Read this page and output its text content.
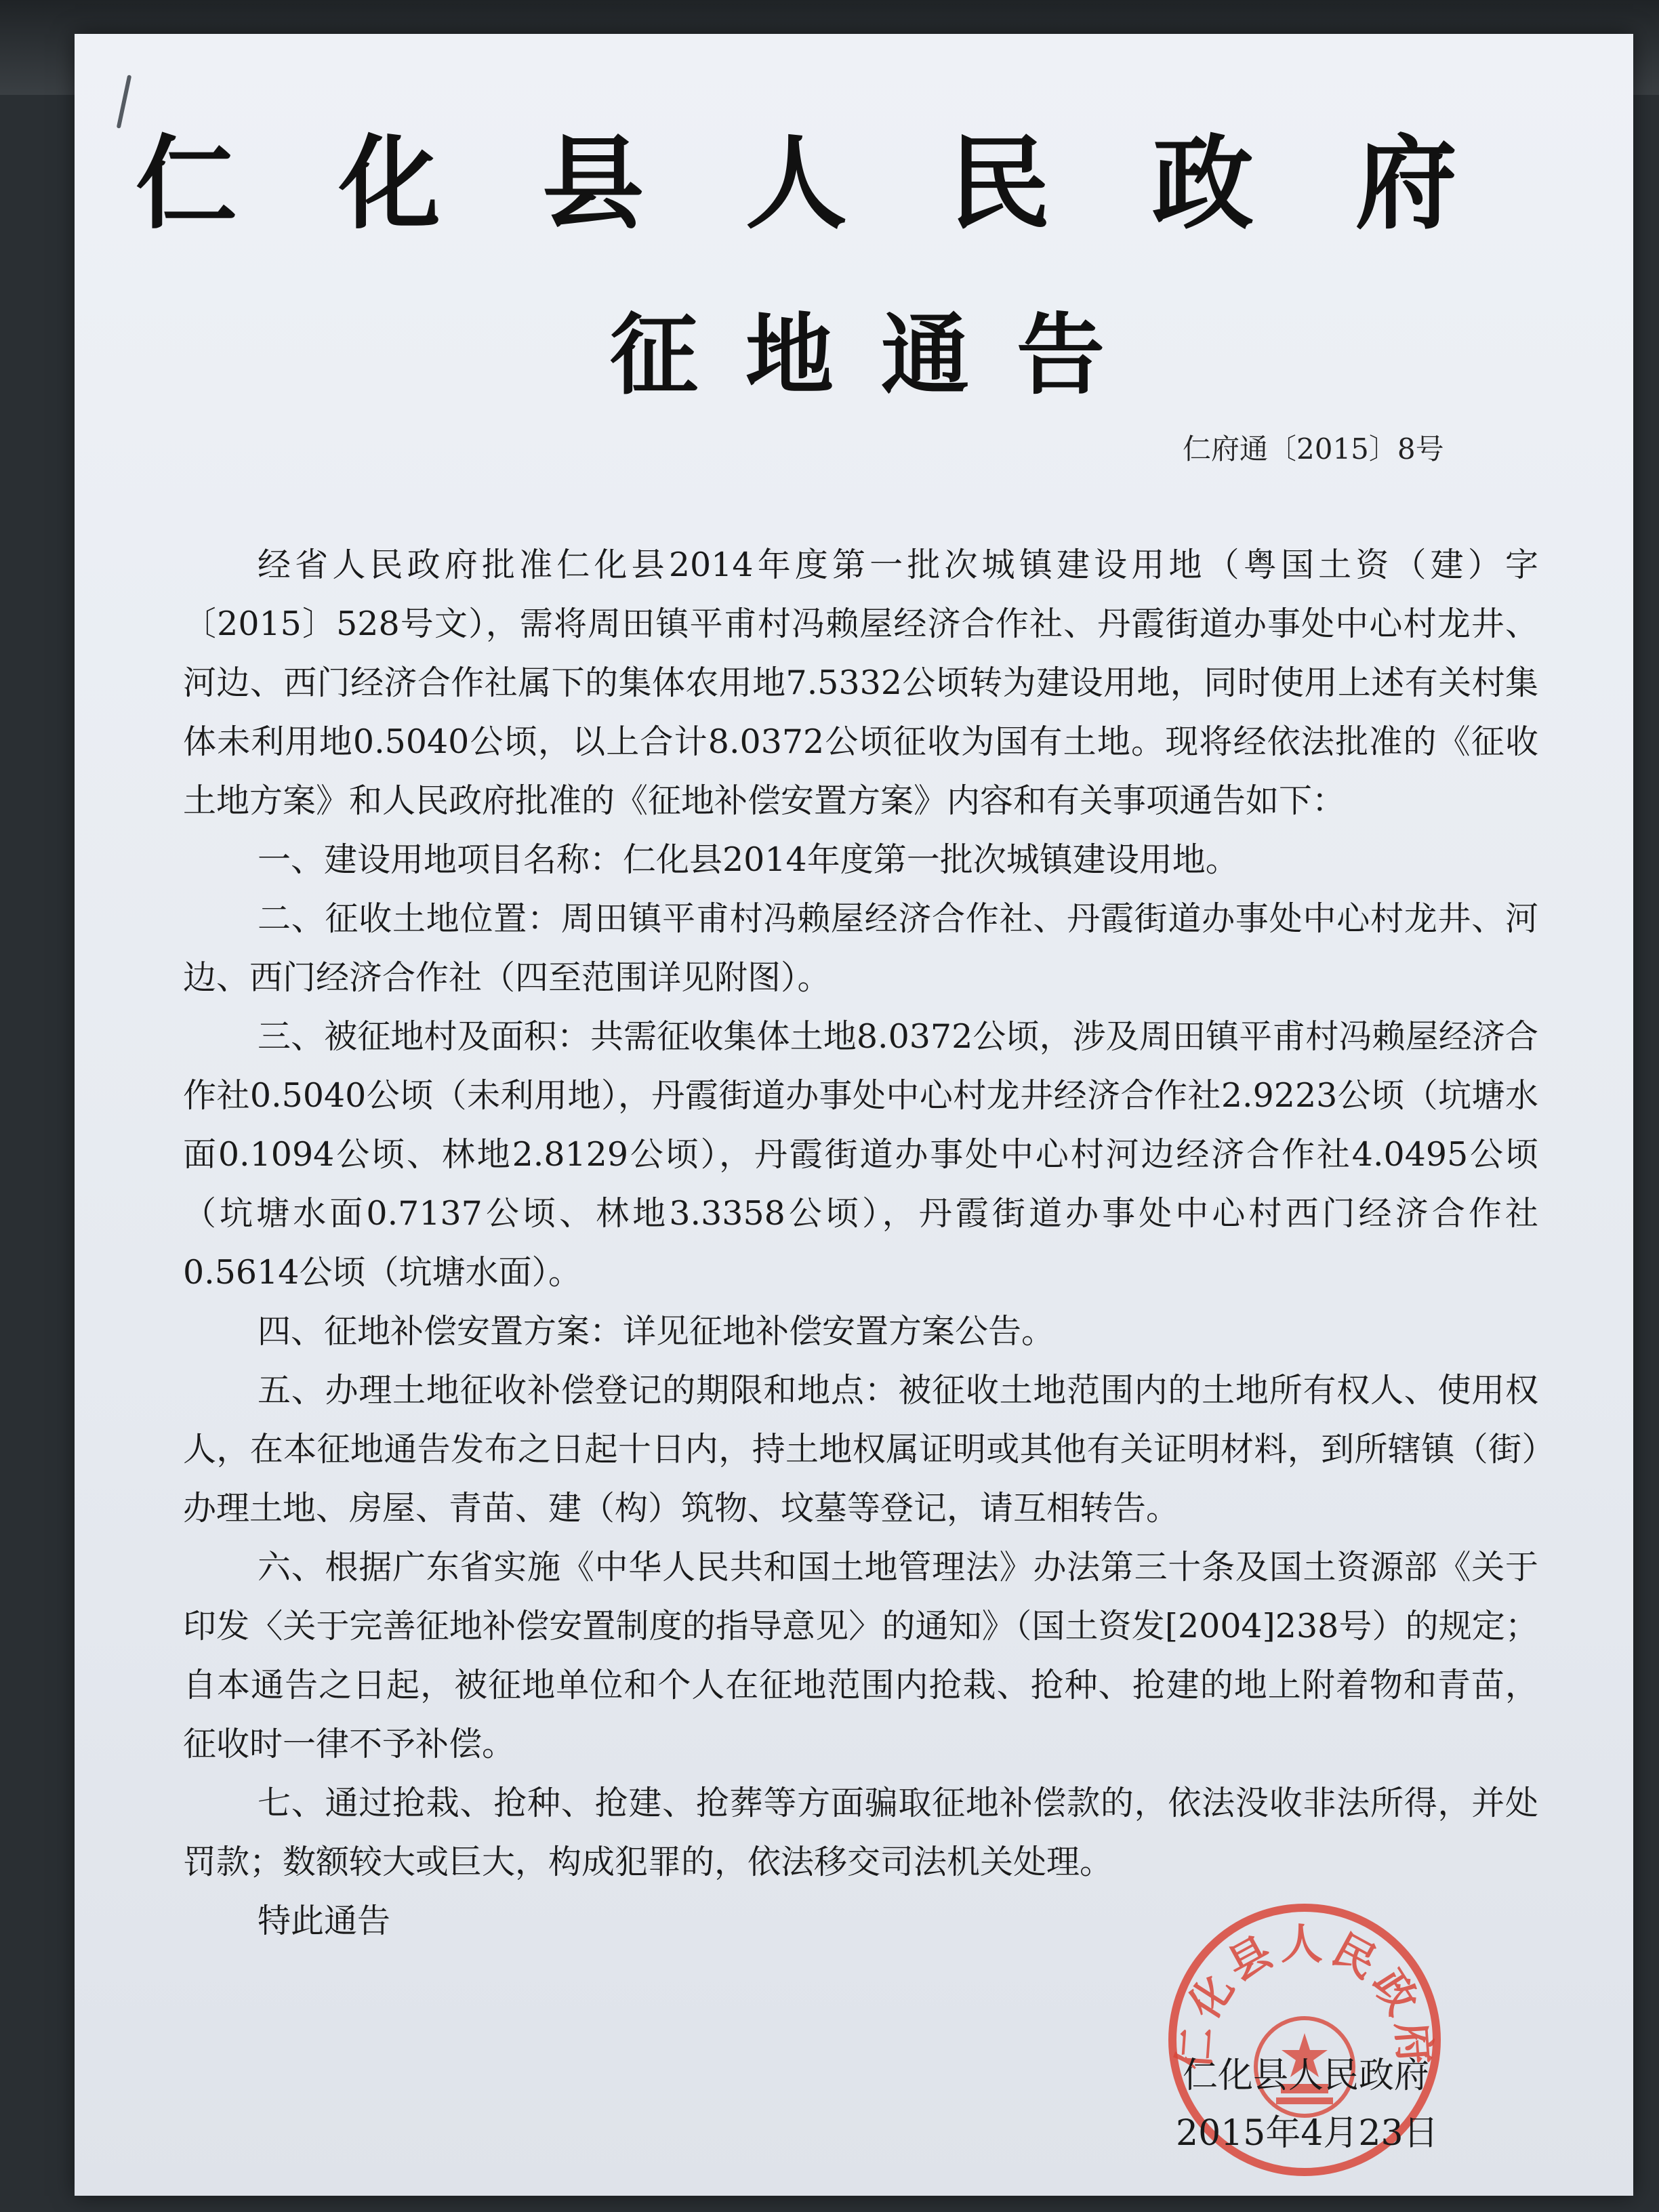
仁 化 县 人 民 政 府
征地通告
仁府通〔2015〕8号

经省人民政府批准仁化县2014年度第一批次城镇建设用地（粤国土资（建）字〔2015〕528号文），需将周田镇平甫村冯赖屋经济合作社、丹霞街道办事处中心村龙井、河边、西门经济合作社属下的集体农用地7.5332公顷转为建设用地，同时使用上述有关村集体未利用地0.5040公顷，以上合计8.0372公顷征收为国有土地。现将经依法批准的《征收土地方案》和人民政府批准的《征地补偿安置方案》内容和有关事项通告如下：

一、建设用地项目名称：仁化县2014年度第一批次城镇建设用地。

二、征收土地位置：周田镇平甫村冯赖屋经济合作社、丹霞街道办事处中心村龙井、河边、西门经济合作社（四至范围详见附图）。

三、被征地村及面积：共需征收集体土地8.0372公顷，涉及周田镇平甫村冯赖屋经济合作社0.5040公顷（未利用地），丹霞街道办事处中心村龙井经济合作社2.9223公顷（坑塘水面0.1094公顷、林地2.8129公顷），丹霞街道办事处中心村河边经济合作社4.0495公顷（坑塘水面0.7137公顷、林地3.3358公顷），丹霞街道办事处中心村西门经济合作社0.5614公顷（坑塘水面）。

四、征地补偿安置方案：详见征地补偿安置方案公告。

五、办理土地征收补偿登记的期限和地点：被征收土地范围内的土地所有权人、使用权人，在本征地通告发布之日起十日内，持土地权属证明或其他有关证明材料，到所辖镇（街）办理土地、房屋、青苗、建（构）筑物、坟墓等登记，请互相转告。

六、根据广东省实施《中华人民共和国土地管理法》办法第三十条及国土资源部《关于印发〈关于完善征地补偿安置制度的指导意见〉的通知》（国土资发[2004]238号）的规定；自本通告之日起，被征地单位和个人在征地范围内抢栽、抢种、抢建的地上附着物和青苗，征收时一律不予补偿。

七、通过抢栽、抢种、抢建、抢葬等方面骗取征地补偿款的，依法没收非法所得，并处罚款；数额较大或巨大，构成犯罪的，依法移交司法机关处理。

特此通告

仁化县人民政府
仁化县人民政府
2015年4月23日
